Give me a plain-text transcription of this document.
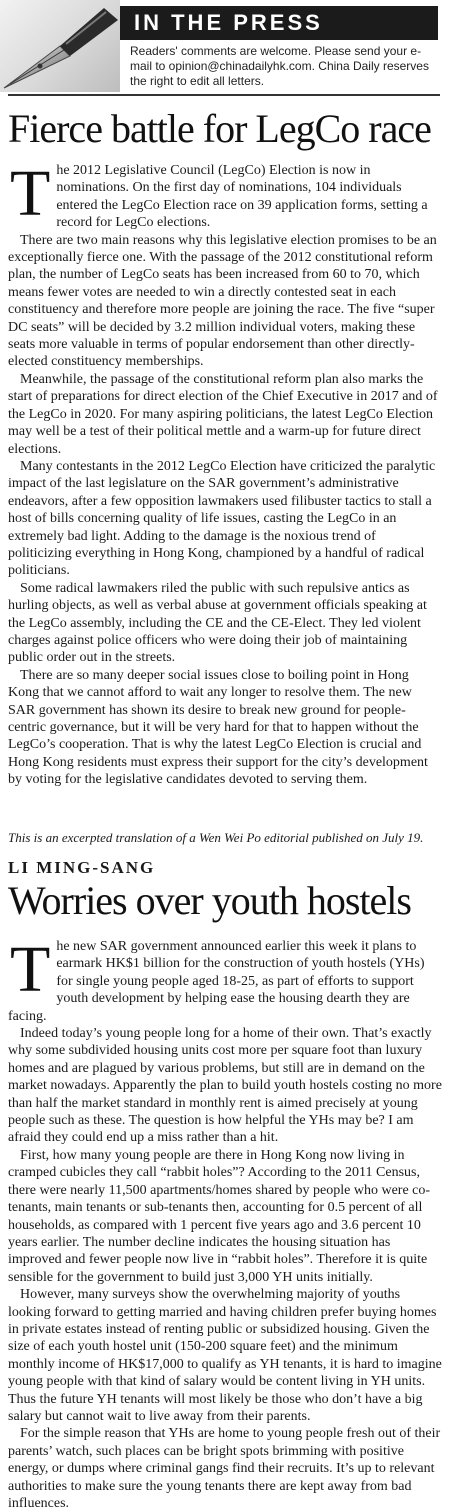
IN THE PRESS
Readers' comments are welcome. Please send your e-mail to opinion@chinadailyhk.com. China Daily reserves the right to edit all letters.
Fierce battle for LegCo race

The 2012 Legislative Council (LegCo) Election is now in nominations. On the first day of nominations, 104 individuals entered the LegCo Election race on 39 application forms, setting a record for LegCo elections.

There are two main reasons why this legislative election promises to be an exceptionally fierce one. With the passage of the 2012 constitutional reform plan, the number of LegCo seats has been increased from 60 to 70, which means fewer votes are needed to win a directly contested seat in each constituency and therefore more people are joining the race. The five “super DC seats” will be decided by 3.2 million individual voters, making these seats more valuable in terms of popular endorsement than other directly-elected constituency memberships.

Meanwhile, the passage of the constitutional reform plan also marks the start of preparations for direct election of the Chief Executive in 2017 and of the LegCo in 2020. For many aspiring politicians, the latest LegCo Election may well be a test of their political mettle and a warm-up for future direct elections.

Many contestants in the 2012 LegCo Election have criticized the paralytic impact of the last legislature on the SAR government’s administrative endeavors, after a few opposition lawmakers used filibuster tactics to stall a host of bills concerning quality of life issues, casting the LegCo in an extremely bad light. Adding to the damage is the noxious trend of politicizing everything in Hong Kong, championed by a handful of radical politicians.

Some radical lawmakers riled the public with such repulsive antics as hurling objects, as well as verbal abuse at government officials speaking at the LegCo assembly, including the CE and the CE-Elect. They led violent charges against police officers who were doing their job of maintaining public order out in the streets.

There are so many deeper social issues close to boiling point in Hong Kong that we cannot afford to wait any longer to resolve them. The new SAR government has shown its desire to break new ground for people-centric governance, but it will be very hard for that to happen without the LegCo’s cooperation. That is why the latest LegCo Election is crucial and Hong Kong residents must express their support for the city’s development by voting for the legislative candidates devoted to serving them.

This is an excerpted translation of a Wen Wei Po editorial published on July 19.
LI MING-SANG
Worries over youth hostels

The new SAR government announced earlier this week it plans to earmark HK$1 billion for the construction of youth hostels (YHs) for single young people aged 18-25, as part of efforts to support youth development by helping ease the housing dearth they are facing.

Indeed today’s young people long for a home of their own. That’s exactly why some subdivided housing units cost more per square foot than luxury homes and are plagued by various problems, but still are in demand on the market nowadays. Apparently the plan to build youth hostels costing no more than half the market standard in monthly rent is aimed precisely at young people such as these. The question is how helpful the YHs may be? I am afraid they could end up a miss rather than a hit.

First, how many young people are there in Hong Kong now living in cramped cubicles they call “rabbit holes”? According to the 2011 Census, there were nearly 11,500 apartments/homes shared by people who were co-tenants, main tenants or sub-tenants then, accounting for 0.5 percent of all households, as compared with 1 percent five years ago and 3.6 percent 10 years earlier. The number decline indicates the housing situation has improved and fewer people now live in “rabbit holes”. Therefore it is quite sensible for the government to build just 3,000 YH units initially.

However, many surveys show the overwhelming majority of youths looking forward to getting married and having children prefer buying homes in private estates instead of renting public or subsidized housing. Given the size of each youth hostel unit (150-200 square feet) and the minimum monthly income of HK$17,000 to qualify as YH tenants, it is hard to imagine young people with that kind of salary would be content living in YH units. Thus the future YH tenants will most likely be those who don’t have a big salary but cannot wait to live away from their parents.

For the simple reason that YHs are home to young people fresh out of their parents’ watch, such places can be bright spots brimming with positive energy, or dumps where criminal gangs find their recruits. It’s up to relevant authorities to make sure the young tenants there are kept away from bad influences.
